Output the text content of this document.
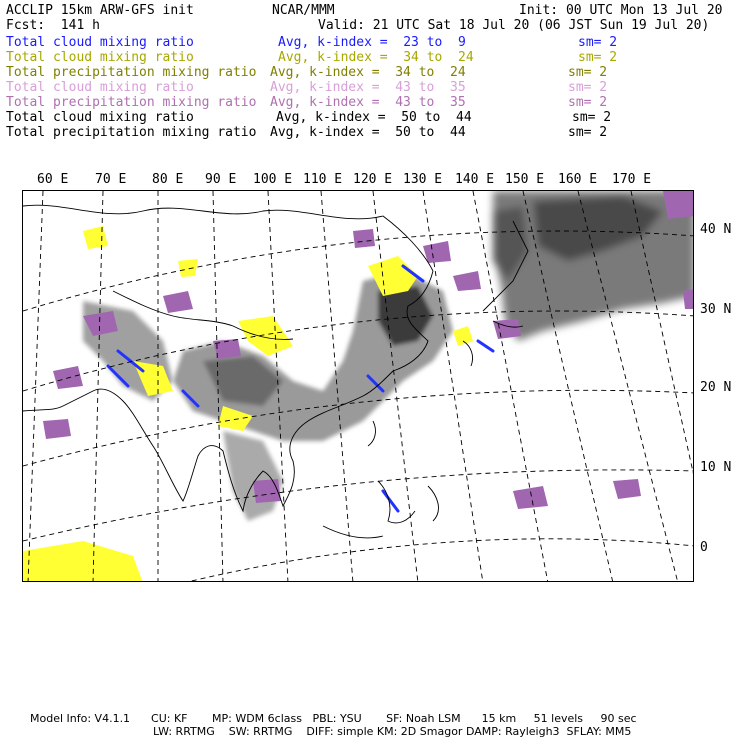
ACCLIP 15km ARW-GFS init	NCAR/MMM	Init: 00 UTC Mon 13 Jul 20
Fcst:  141 h	Valid: 21 UTC Sat 18 Jul 20 (06 JST Sun 19 Jul 20)
Total cloud mixing ratio	Avg, k-index =  23 to  9	sm= 2
Total cloud mixing ratio	Avg, k-index =  34 to  24	sm= 2
Total precipitation mixing ratio Avg, k-index =  34 to  24	sm= 2
Total cloud mixing ratio	Avg, k-index =  43 to  35	sm= 2
Total precipitation mixing ratio Avg, k-index =  43 to  35	sm= 2
Total cloud mixing ratio	Avg, k-index =  50 to  44	sm= 2
Total precipitation mixing ratio Avg, k-index =  50 to  44	sm= 2
60 E 70 E 80 E 90 E 100 E 110 E 120 E 130 E 140 E 150 E 160 E 170 E
40 N
30 N
20 N
10 N
0
Model Info: V4.1.1      CU: KF       MP: WDM 6class   PBL: YSU       SF: Noah LSM      15 km     51 levels     90 sec
LW: RRTMG    SW: RRTMG    DIFF: simple KM: 2D Smagor DAMP: Rayleigh3  SFLAY: MM5
